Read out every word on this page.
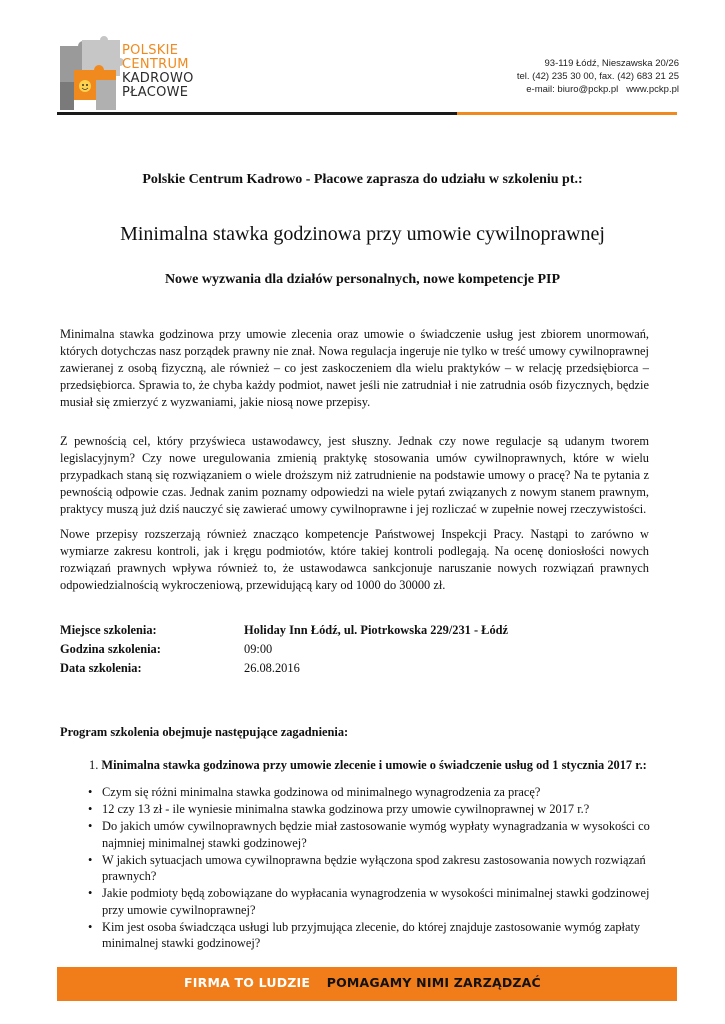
POLSKIE
CENTRUM
KADROWO
PŁACOWE
93-119 Łódź, Nieszawska 20/26
tel. (42) 235 30 00, fax. (42) 683 21 25
e-mail: biuro@pckp.pl   www.pckp.pl
Polskie Centrum Kadrowo - Płacowe zaprasza do udziału w szkoleniu pt.:
Minimalna stawka godzinowa przy umowie cywilnoprawnej
Nowe wyzwania dla działów personalnych, nowe kompetencje PIP
Minimalna stawka godzinowa przy umowie zlecenia oraz umowie o świadczenie usług jest zbiorem unormowań, których dotychczas nasz porządek prawny nie znał. Nowa regulacja ingeruje nie tylko w treść umowy cywilnoprawnej zawieranej z osobą fizyczną, ale również – co jest zaskoczeniem dla wielu praktyków – w relację przedsiębiorca – przedsiębiorca. Sprawia to, że chyba każdy podmiot, nawet jeśli nie zatrudniał i nie zatrudnia osób fizycznych, będzie musiał się zmierzyć z wyzwaniami, jakie niosą nowe przepisy.
Z pewnością cel, który przyświeca ustawodawcy, jest słuszny. Jednak czy nowe regulacje są udanym tworem legislacyjnym? Czy nowe uregulowania zmienią praktykę stosowania umów cywilnoprawnych, które w wielu przypadkach staną się rozwiązaniem o wiele droższym niż zatrudnienie na podstawie umowy o pracę? Na te pytania z pewnością odpowie czas. Jednak zanim poznamy odpowiedzi na wiele pytań związanych z nowym stanem prawnym, praktycy muszą już dziś nauczyć się zawierać umowy cywilnoprawne i jej rozliczać w zupełnie nowej rzeczywistości.
Nowe przepisy rozszerzają również znacząco kompetencje Państwowej Inspekcji Pracy. Nastąpi to zarówno w wymiarze zakresu kontroli, jak i kręgu podmiotów, które takiej kontroli podlegają. Na ocenę doniosłości nowych rozwiązań prawnych wpływa również to, że ustawodawca sankcjonuje naruszanie nowych rozwiązań prawnych odpowiedzialnością wykroczeniową, przewidującą kary od 1000 do 30000 zł.
Miejsce szkolenia:	Holiday Inn Łódź, ul. Piotrkowska 229/231 - Łódź
Godzina szkolenia:	09:00
Data szkolenia:	26.08.2016
Program szkolenia obejmuje następujące zagadnienia:
1. Minimalna stawka godzinowa przy umowie zlecenie i umowie o świadczenie usług od 1 stycznia 2017 r.:
• Czym się różni minimalna stawka godzinowa od minimalnego wynagrodzenia za pracę?
• 12 czy 13 zł - ile wyniesie minimalna stawka godzinowa przy umowie cywilnoprawnej w 2017 r.?
• Do jakich umów cywilnoprawnych będzie miał zastosowanie wymóg wypłaty wynagradzania w wysokości co najmniej minimalnej stawki godzinowej?
• W jakich sytuacjach umowa cywilnoprawna będzie wyłączona spod zakresu zastosowania nowych rozwiązań prawnych?
• Jakie podmioty będą zobowiązane do wypłacania wynagrodzenia w wysokości minimalnej stawki godzinowej przy umowie cywilnoprawnej?
• Kim jest osoba świadcząca usługi lub przyjmująca zlecenie, do której znajduje zastosowanie wymóg zapłaty minimalnej stawki godzinowej?
FIRMA TO LUDZIE POMAGAMY NIMI ZARZĄDZAĆ
